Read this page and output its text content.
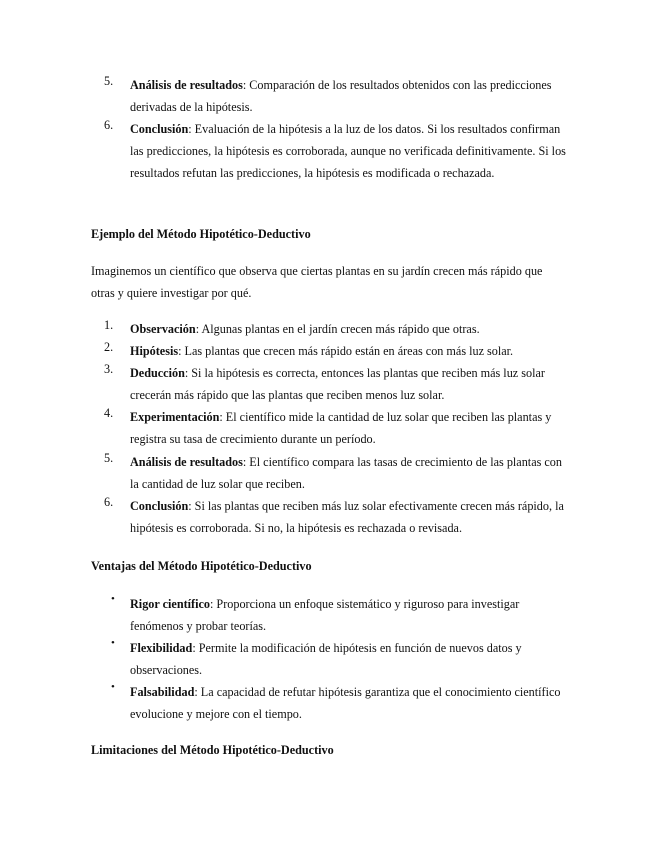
5.	Análisis de resultados: Comparación de los resultados obtenidos con las predicciones derivadas de la hipótesis.
6.	Conclusión: Evaluación de la hipótesis a la luz de los datos. Si los resultados confirman las predicciones, la hipótesis es corroborada, aunque no verificada definitivamente. Si los resultados refutan las predicciones, la hipótesis es modificada o rechazada.
Ejemplo del Método Hipotético-Deductivo
Imaginemos un científico que observa que ciertas plantas en su jardín crecen más rápido que otras y quiere investigar por qué.
1.	Observación: Algunas plantas en el jardín crecen más rápido que otras.
2.	Hipótesis: Las plantas que crecen más rápido están en áreas con más luz solar.
3.	Deducción: Si la hipótesis es correcta, entonces las plantas que reciben más luz solar crecerán más rápido que las plantas que reciben menos luz solar.
4.	Experimentación: El científico mide la cantidad de luz solar que reciben las plantas y registra su tasa de crecimiento durante un período.
5.	Análisis de resultados: El científico compara las tasas de crecimiento de las plantas con la cantidad de luz solar que reciben.
6.	Conclusión: Si las plantas que reciben más luz solar efectivamente crecen más rápido, la hipótesis es corroborada. Si no, la hipótesis es rechazada o revisada.
Ventajas del Método Hipotético-Deductivo
• Rigor científico: Proporciona un enfoque sistemático y riguroso para investigar fenómenos y probar teorías.
• Flexibilidad: Permite la modificación de hipótesis en función de nuevos datos y observaciones.
• Falsabilidad: La capacidad de refutar hipótesis garantiza que el conocimiento científico evolucione y mejore con el tiempo.
Limitaciones del Método Hipotético-Deductivo
